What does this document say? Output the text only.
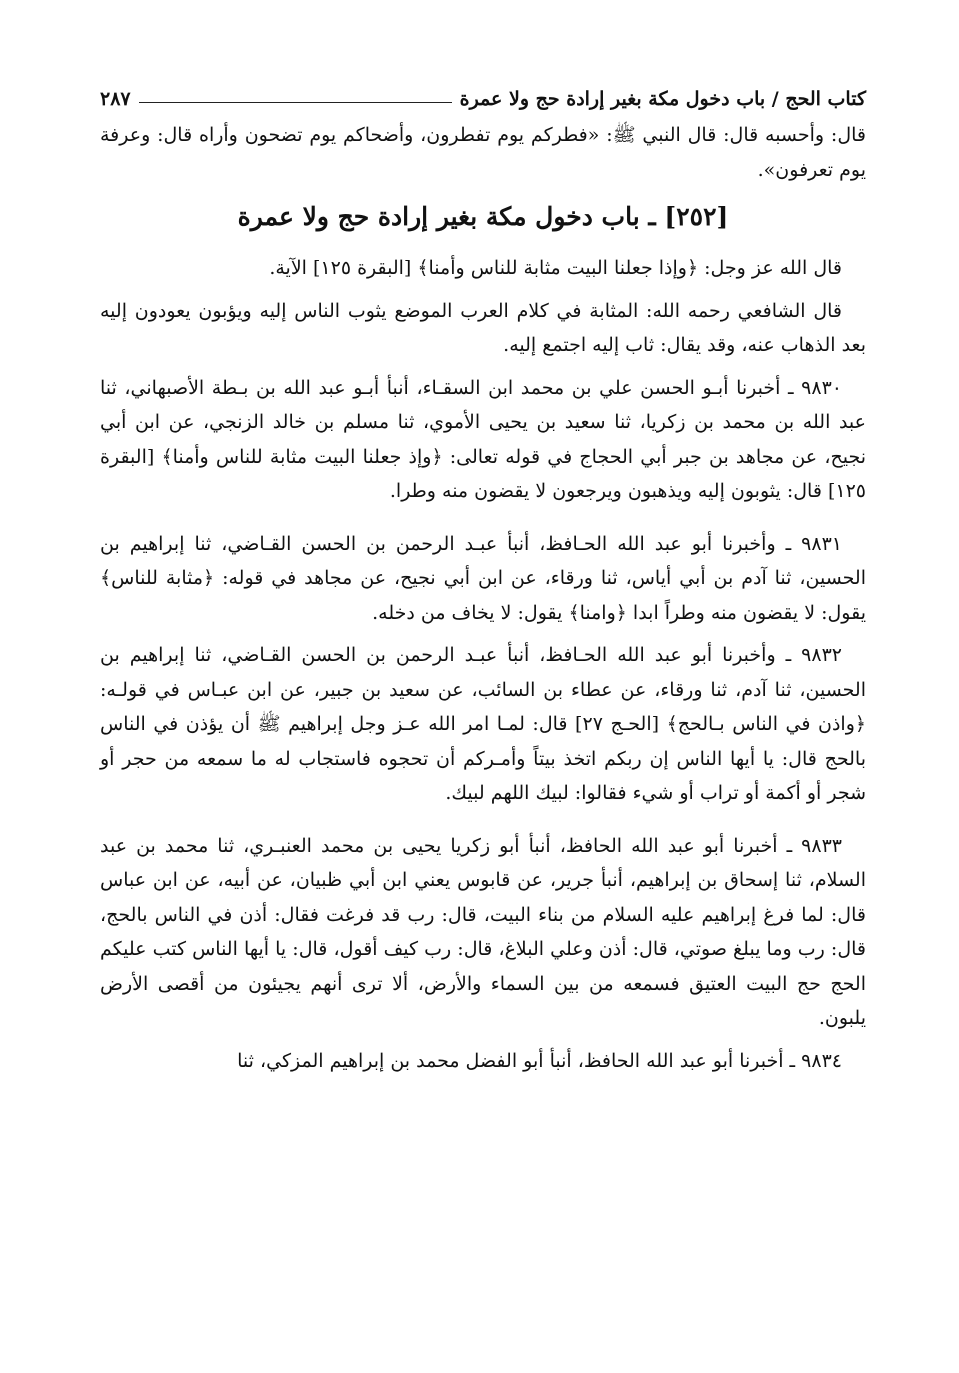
كتاب الحج / باب دخول مكة بغير إرادة حج ولا عمرة
٢٨٧

قال: وأحسبه قال: قال النبي ﷺ: «فطركم يوم تفطرون، وأضحاكم يوم تضحون وأراه قال: وعرفة يوم تعرفون».

[٢٥٢] ـ باب دخول مكة بغير إرادة حج ولا عمرة

قال الله عز وجل: ﴿وإذا جعلنا البيت مثابة للناس وأمنا﴾ [البقرة ١٢٥] الآية.

قال الشافعي رحمه الله: المثابة في كلام العرب الموضع يثوب الناس إليه ويؤبون يعودون إليه بعد الذهاب عنه، وقد يقال: ثاب إليه اجتمع إليه.

٩٨٣٠ ـ أخبرنا أبـو الحسن علي بن محمد ابن السقـاء، أنبأ أبـو عبد الله بن بـطة الأصبهاني، ثنا عبد الله بن محمد بن زكريا، ثنا سعيد بن يحيى الأموي، ثنا مسلم بن خالد الزنجي، عن ابن أبي نجيح، عن مجاهد بن جبر أبي الحجاج في قوله تعالى: ﴿وإذ جعلنا البيت مثابة للناس وأمنا﴾ [البقرة ١٢٥] قال: يثوبون إليه ويذهبون ويرجعون لا يقضون منه وطرا.

٩٨٣١ ـ وأخبرنا أبو عبد الله الحـافظ، أنبأ عبـد الرحمن بن الحسن القـاضي، ثنا إبراهيم بن الحسين، ثنا آدم بن أبي أياس، ثنا ورقاء، عن ابن أبي نجيح، عن مجاهد في قوله: ﴿مثابة للناس﴾ يقول: لا يقضون منه وطراً ابدا ﴿وامنا﴾ يقول: لا يخاف من دخله.

٩٨٣٢ ـ وأخبرنا أبو عبد الله الحـافظ، أنبأ عبـد الرحمن بن الحسن القـاضي، ثنا إبراهيم بن الحسين، ثنا آدم، ثنا ورقاء، عن عطاء بن السائب، عن سعيد بن جبير، عن ابن عبـاس في قولـه: ﴿واذن في الناس بـالحج﴾ [الحـج ٢٧] قال: لمـا امر الله عـز وجل إبراهيم ﷺ أن يؤذن في الناس بالحج قال: يا أيها الناس إن ربكم اتخذ بيتاً وأمـركم أن تحجوه فاستجاب له ما سمعه من حجر أو شجر أو أكمة أو تراب أو شيء فقالوا: لبيك اللهم لبيك.

٩٨٣٣ ـ أخبرنا أبو عبد الله الحافظ، أنبأ أبو زكريا يحيى بن محمد العنبـري، ثنا محمد بن عبد السلام، ثنا إسحاق بن إبراهيم، أنبأ جرير، عن قابوس يعني ابن أبي ظبيان، عن أبيه، عن ابن عباس قال: لما فرغ إبراهيم عليه السلام من بناء البيت، قال: رب قد فرغت فقال: أذن في الناس بالحج، قال: رب وما يبلغ صوتي، قال: أذن وعلي البلاغ، قال: رب كيف أقول، قال: يا أيها الناس كتب عليكم الحج حج البيت العتيق فسمعه من بين السماء والأرض، ألا ترى أنهم يجيئون من أقصى الأرض يلبون.

٩٨٣٤ ـ أخبرنا أبو عبد الله الحافظ، أنبأ أبو الفضل محمد بن إبراهيم المزكي، ثنا
